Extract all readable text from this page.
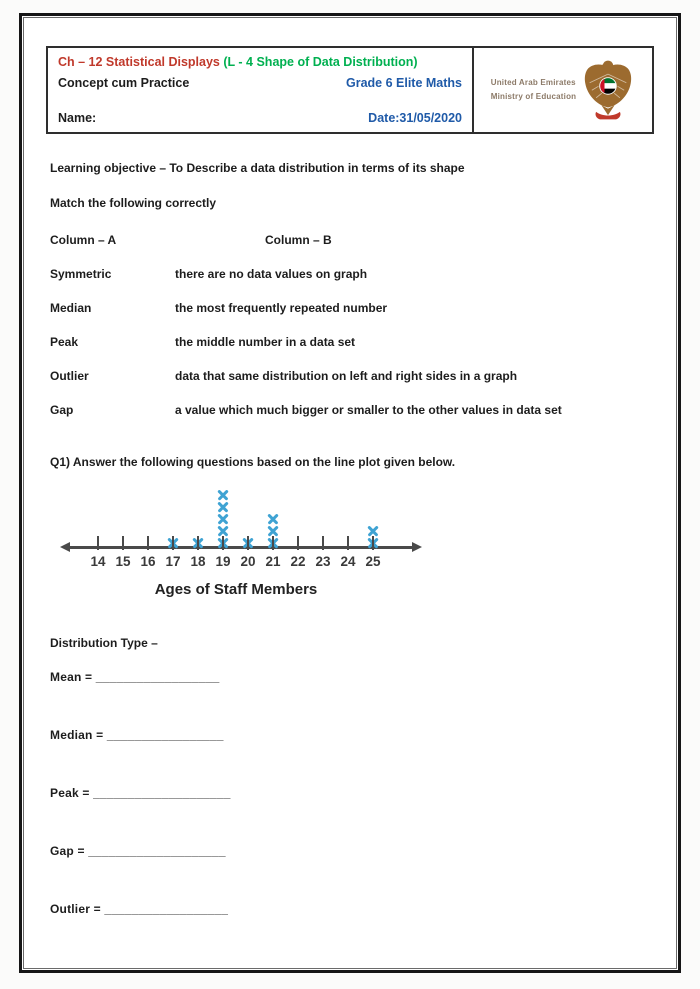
Ch – 12 Statistical Displays (L - 4 Shape of Data Distribution)
Concept cum Practice	Grade 6 Elite Maths
Name:	Date:31/05/2020
United Arab Emirates
Ministry of Education
Learning objective – To Describe a data distribution in terms of its shape
Match the following correctly
Column – A	Column – B
Symmetric	there are no data values on graph
Median	the most frequently repeated number
Peak	the middle number in a data set
Outlier	data that same distribution on left and right sides in a graph
Gap	a value which much bigger or smaller to the other values in data set
Q1) Answer the following questions based on the line plot given below.
14 15 16 17 18 19 20 21 22 23 24 25
Ages of Staff Members
Distribution Type –
Mean = __________________
Median = _________________
Peak = ____________________
Gap = ____________________
Outlier = __________________
